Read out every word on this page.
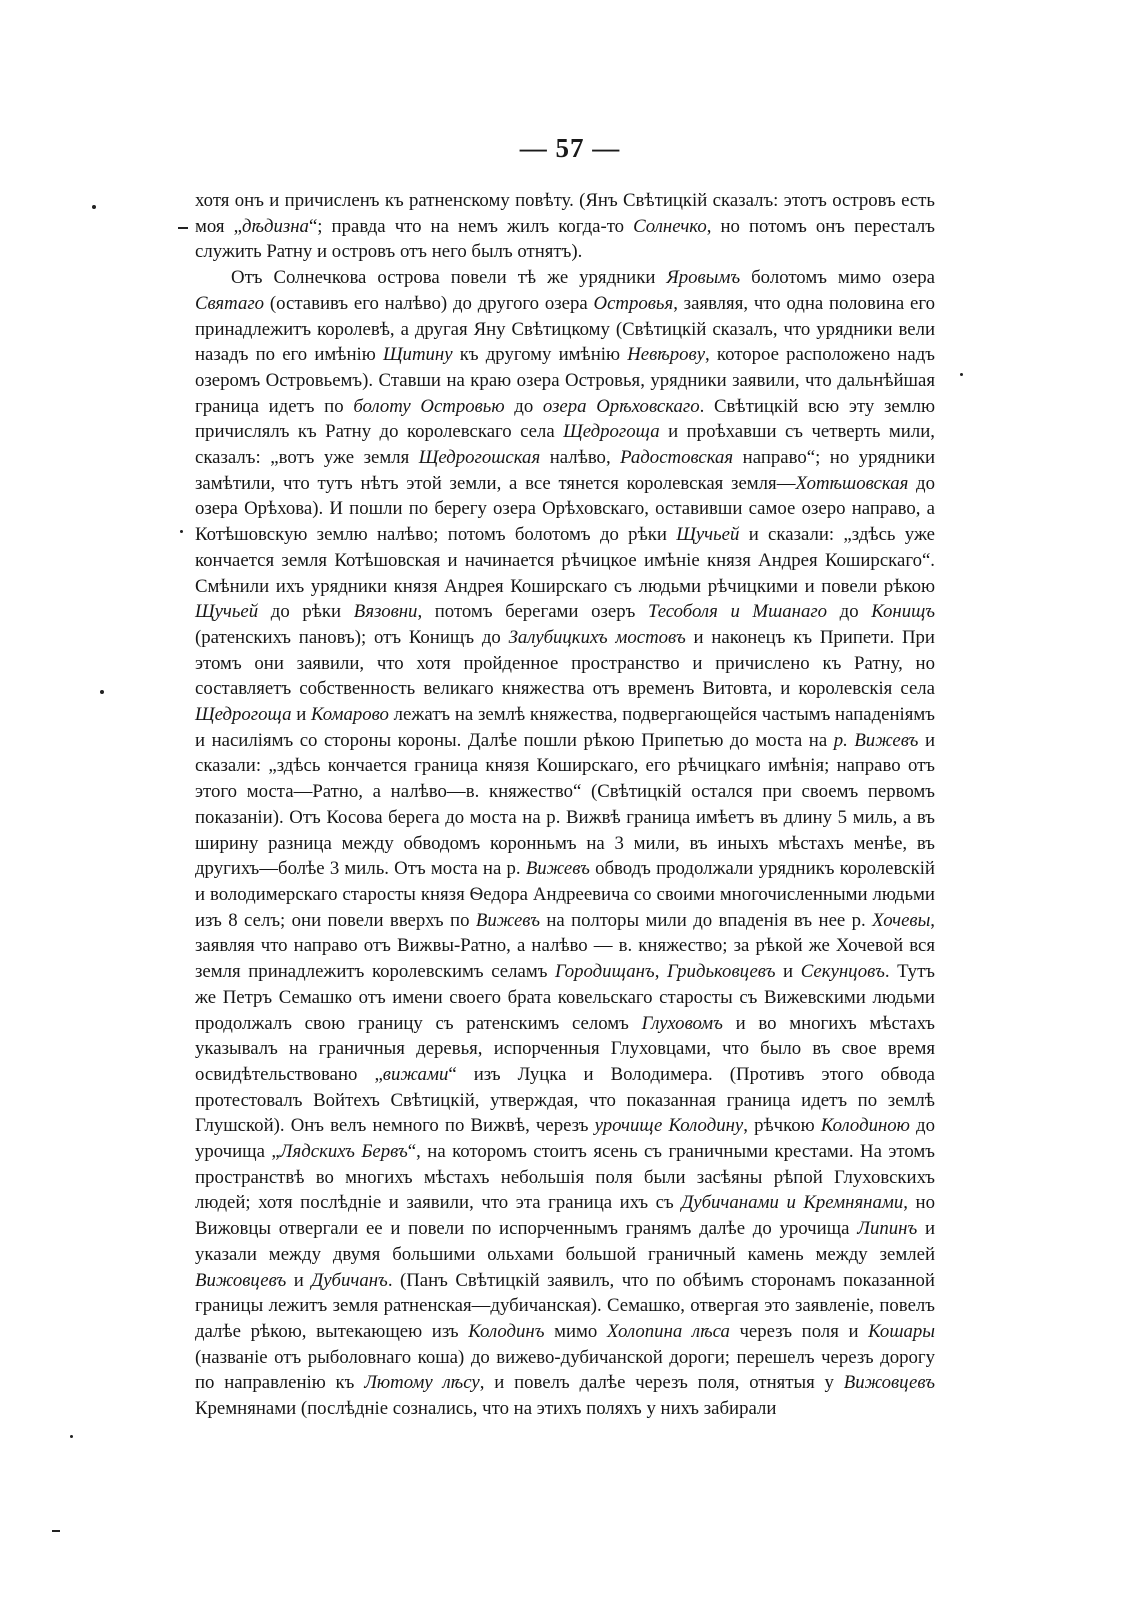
— 57 —

хотя онъ и причисленъ къ ратненскому повѣту. (Янъ Свѣтицкій сказалъ: этотъ островъ есть моя „дѣдизна“; правда что на немъ жилъ когда-то Солнечко, но потомъ онъ пересталъ служить Ратну и островъ отъ него былъ отнятъ).

Отъ Солнечкова острова повели тѣ же урядники Яровымъ болотомъ мимо озера Святаго (оставивъ его налѣво) до другого озера Островья, заявляя, что одна половина его принадлежитъ королевѣ, а другая Яну Свѣтицкому (Свѣтицкій сказалъ, что урядники вели назадъ по его имѣнію Щитину къ другому имѣнію Невѣрову, которое расположено надъ озеромъ Островьемъ). Ставши на краю озера Островья, урядники заявили, что дальнѣйшая граница идетъ по болоту Островью до озера Орѣховскаго. Свѣтицкій всю эту землю причислялъ къ Ратну до королевскаго села Щедрогоща и проѣхавши съ четверть мили, сказалъ: „вотъ уже земля Щедрогошская налѣво, Радостовская направо“; но урядники замѣтили, что тутъ нѣтъ этой земли, а все тянется королевская земля—Хотѣшовская до озера Орѣхова). И пошли по берегу озера Орѣховскаго, оставивши самое озеро направо, а Котѣшовскую землю налѣво; потомъ болотомъ до рѣки Щучьей и сказали: „здѣсь уже кончается земля Котѣшовская и начинается рѣчицкое имѣніе князя Андрея Коширскаго“. Смѣнили ихъ урядники князя Андрея Коширскаго съ людьми рѣчицкими и повели рѣкою Щучьей до рѣки Вязовни, потомъ берегами озеръ Тесоболя и Мшанаго до Конищъ (ратенскихъ пановъ); отъ Конищъ до Залубицкихъ мостовъ и наконецъ къ Припети. При этомъ они заявили, что хотя пройденное пространство и причислено къ Ратну, но составляетъ собственность великаго княжества отъ временъ Витовта, и королевскія села Щедрогоща и Комарово лежатъ на землѣ княжества, подвергающейся частымъ нападеніямъ и насиліямъ со стороны короны. Далѣе пошли рѣкою Припетью до моста на р. Вижевъ и сказали: „здѣсь кончается граница князя Коширскаго, его рѣчицкаго имѣнія; направо отъ этого моста—Ратно, а налѣво—в. княжество“ (Свѣтицкій остался при своемъ первомъ показаніи). Отъ Косова берега до моста на р. Вижвѣ граница имѣетъ въ длину 5 миль, а въ ширину разница между обводомъ коронньмъ на 3 мили, въ иныхъ мѣстахъ менѣе, въ другихъ—болѣе 3 миль. Отъ моста на р. Вижевъ обводъ продолжали урядникъ королевскій и володимерскаго старосты князя Ѳедора Андреевича со своими многочисленными людьми изъ 8 селъ; они повели вверхъ по Вижевъ на полторы мили до впаденія въ нее р. Хочевы, заявляя что направо отъ Вижвы-Ратно, а налѣво — в. княжество; за рѣкой же Хочевой вся земля принадлежитъ королевскимъ селамъ Городищанъ, Гридьковцевъ и Секунцовъ. Тутъ же Петръ Семашко отъ имени своего брата ковельскаго старосты съ Вижевскими людьми продолжалъ свою границу съ ратенскимъ селомъ Глуховомъ и во многихъ мѣстахъ указывалъ на граничныя деревья, испорченныя Глуховцами, что было въ свое время освидѣтельствовано „вижами“ изъ Луцка и Володимера. (Противъ этого обвода протестовалъ Войтехъ Свѣтицкій, утверждая, что показанная граница идетъ по землѣ Глушской). Онъ велъ немного по Вижвѣ, черезъ урочище Колодину, рѣчкою Колодиною до урочища „Лядскихъ Бервъ“, на которомъ стоитъ ясень съ граничными крестами. На этомъ пространствѣ во многихъ мѣстахъ небольшія поля были засѣяны рѣпой Глуховскихъ людей; хотя послѣдніе и заявили, что эта граница ихъ съ Дубичанами и Кремнянами, но Вижовцы отвергали ее и повели по испорченнымъ гранямъ далѣе до урочища Липинъ и указали между двумя большими ольхами большой граничный камень между землей Вижовцевъ и Дубичанъ. (Панъ Свѣтицкій заявилъ, что по обѣимъ сторонамъ показанной границы лежитъ земля ратненская—дубичанская). Семашко, отвергая это заявленіе, повелъ далѣе рѣкою, вытекающею изъ Колодинъ мимо Холопина лѣса черезъ поля и Кошары (названіе отъ рыболовнаго коша) до вижево-дубичанской дороги; перешелъ черезъ дорогу по направленію къ Лютому лѣсу, и повелъ далѣе черезъ поля, отнятыя у Вижовцевъ Кремнянами (послѣдніе сознались, что на этихъ поляхъ у нихъ забирали
